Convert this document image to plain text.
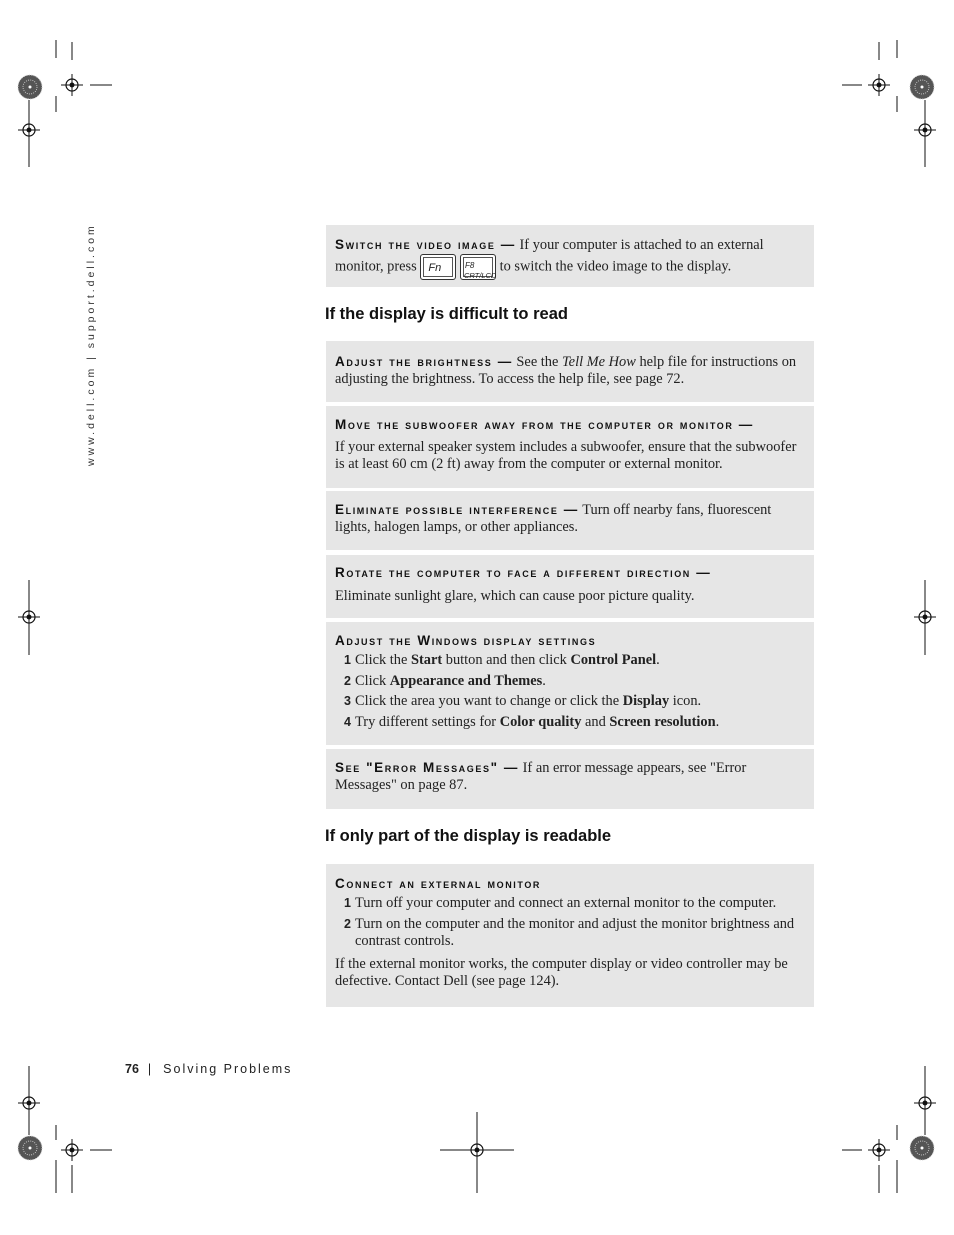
www.dell.com | support.dell.com	Switch the video image — If your computer is attached to an external monitor, press Fn
	F8
CRT/LCD
to switch the video image to the display.

If the display is difficult to read

Adjust the brightness — See the Tell Me How help file for instructions on adjusting the brightness. To access the help file, see page 72.

Move the subwoofer away from the computer or monitor —

If your external speaker system includes a subwoofer, ensure that the subwoofer is at least 60 cm (2 ft) away from the computer or external monitor.

Eliminate possible interference — Turn off nearby fans, fluorescent lights, halogen lamps, or other appliances.

Rotate the computer to face a different direction —

Eliminate sunlight glare, which can cause poor picture quality.

Adjust the Windows display settings

1 Click the Start button and then click Control Panel.
2 Click Appearance and Themes.
3 Click the area you want to change or click the Display icon.
4 Try different settings for Color quality and Screen resolution.

See "Error Messages" — If an error message appears, see "Error Messages" on page 87.

If only part of the display is readable

Connect an external monitor

1 Turn off your computer and connect an external monitor to the computer.
2 Turn on the computer and the monitor and adjust the monitor brightness and contrast controls.

If the external monitor works, the computer display or video controller may be defective. Contact Dell (see page 124).

76 | Solving Problems
